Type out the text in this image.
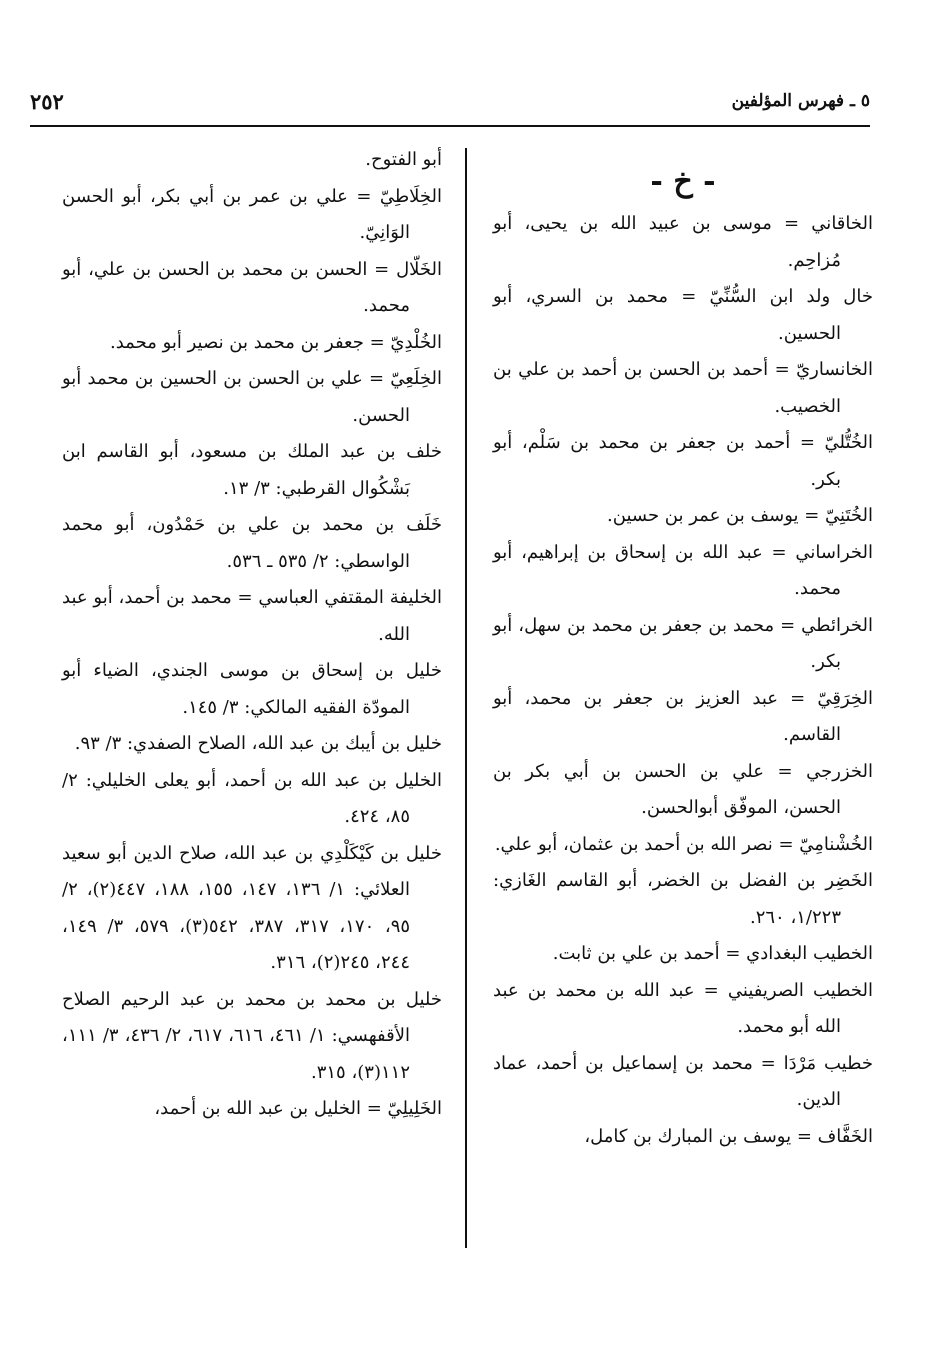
٢٥٢	٥ ـ فهرس المؤلفين
- خ -

الخاقاني = موسى بن عبيد الله بن يحيى، أبو مُزاحِم.

خال ولد ابن السُّنِّيّ = محمد بن السري، أبو الحسين.

الخانساريّ = أحمد بن الحسن بن أحمد بن علي بن الخصيب.

الخُتُّليّ = أحمد بن جعفر بن محمد بن سَلْم، أبو بكر.

الخُتَنِيّ = يوسف بن عمر بن حسين.

الخراساني = عبد الله بن إسحاق بن إبراهيم، أبو محمد.

الخرائطي = محمد بن جعفر بن محمد بن سهل، أبو بكر.

الخِرَقِيّ = عبد العزيز بن جعفر بن محمد، أبو القاسم.

الخزرجي = علي بن الحسن بن أبي بكر بن الحسن، الموفّق أبوالحسن.

الخُشْنامِيّ = نصر الله بن أحمد بن عثمان، أبو علي.

الخَضِر بن الفضل بن الخضر، أبو القاسم الغَازي: ١/٢٢٣، ٢٦٠.

الخطيب البغدادي = أحمد بن علي بن ثابت.

الخطيب الصريفيني = عبد الله بن محمد بن عبد الله أبو محمد.

خطيب مَرْدَا = محمد بن إسماعيل بن أحمد، عماد الدين.

الخَفَّاف = يوسف بن المبارك بن كامل،

أبو الفتوح.

الخِلَاطِيّ = علي بن عمر بن أبي بكر، أبو الحسن الوَانِيّ.

الخَلّال = الحسن بن محمد بن الحسن بن علي، أبو محمد.

الخُلْدِيّ = جعفر بن محمد بن نصير أبو محمد.

الخِلَعِيّ = علي بن الحسن بن الحسين بن محمد أبو الحسن.

خلف بن عبد الملك بن مسعود، أبو القاسم ابن بَشْكُوال القرطبي: ٣/ ١٣.

خَلَف بن محمد بن علي بن حَمْدُون، أبو محمد الواسطي: ٢/ ٥٣٥ ـ ٥٣٦.

الخليفة المقتفي العباسي = محمد بن أحمد، أبو عبد الله.

خليل بن إسحاق بن موسى الجندي، الضياء أبو المودّة الفقيه المالكي: ٣/ ١٤٥.

خليل بن أيبك بن عبد الله، الصلاح الصفدي: ٣/ ٩٣.

الخليل بن عبد الله بن أحمد، أبو يعلى الخليلي: ٢/ ٨٥، ٤٢٤.

خليل بن كَيْكَلْدِي بن عبد الله، صلاح الدين أبو سعيد العلائي: ١/ ١٣٦، ١٤٧، ١٥٥، ١٨٨، ٤٤٧(٢)، ٢/ ٩٥، ١٧٠، ٣١٧، ٣٨٧، ٥٤٢(٣)، ٥٧٩، ٣/ ١٤٩، ٢٤٤، ٢٤٥(٢)، ٣١٦.

خليل بن محمد بن محمد بن عبد الرحيم الصلاح الأقفهسي: ١/ ٤٦١، ٦١٦، ٦١٧، ٢/ ٤٣٦، ٣/ ١١١، ١١٢(٣)، ٣١٥.

الخَلِيلِيّ = الخليل بن عبد الله بن أحمد،
